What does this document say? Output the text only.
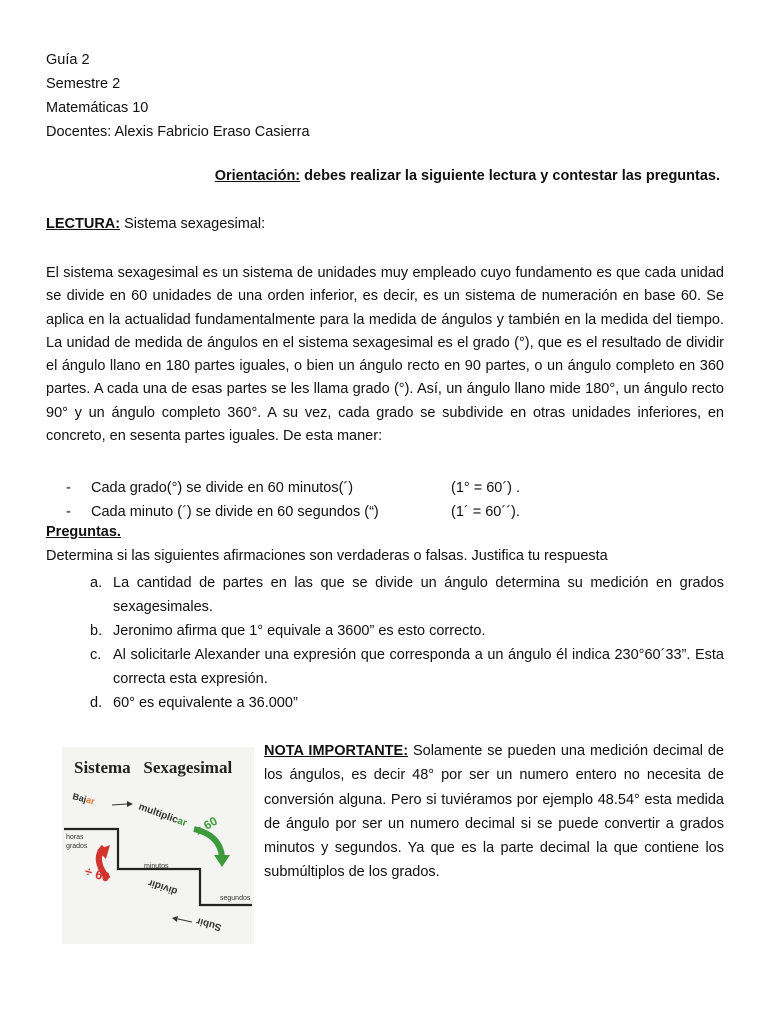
Guía 2
Semestre 2
Matemáticas 10
Docentes: Alexis Fabricio Eraso Casierra
Orientación: debes realizar la siguiente lectura y contestar las preguntas.
LECTURA: Sistema sexagesimal:
El sistema sexagesimal es un sistema de unidades muy empleado cuyo fundamento es que cada unidad se divide en 60 unidades de una orden inferior, es decir, es un sistema de numeración en base 60. Se aplica en la actualidad fundamentalmente para la medida de ángulos y también en la medida del tiempo. La unidad de medida de ángulos en el sistema sexagesimal es el grado (°), que es el resultado de dividir el ángulo llano en 180 partes iguales, o bien un ángulo recto en 90 partes, o un ángulo completo en 360 partes. A cada una de esas partes se les llama grado (°). Así, un ángulo llano mide 180°, un ángulo recto 90° y un ángulo completo 360°. A su vez, cada grado se subdivide en otras unidades inferiores, en concreto, en sesenta partes iguales. De esta maner:
- Cada grado(°) se divide en 60 minutos(´)	(1° = 60´) .
- Cada minuto (´) se divide en 60 segundos (“)	(1´ = 60´´).
Preguntas.
Determina si las siguientes afirmaciones son verdaderas o falsas. Justifica tu respuesta
a. La cantidad de partes en las que se divide un ángulo determina su medición en grados sexagesimales.
b. Jeronimo afirma que 1° equivale a 3600” es esto correcto.
c. Al solicitarle Alexander una expresión que corresponda a un ángulo él indica 230°60´33”. Esta correcta esta expresión.
d. 60° es equivalente a 36.000”
Sistema   Sexagesimal
Bajar
multiplicar x 60
horas
grados
÷ 60	minutos
segundos
dividir
Subir
NOTA IMPORTANTE: Solamente se pueden una medición decimal de los ángulos, es decir 48° por ser un numero entero no necesita de conversión alguna. Pero si tuviéramos por ejemplo 48.54° esta medida de ángulo por ser un numero decimal si se puede convertir a grados minutos y segundos. Ya que es la parte decimal la que contiene los submúltiplos de los grados.
